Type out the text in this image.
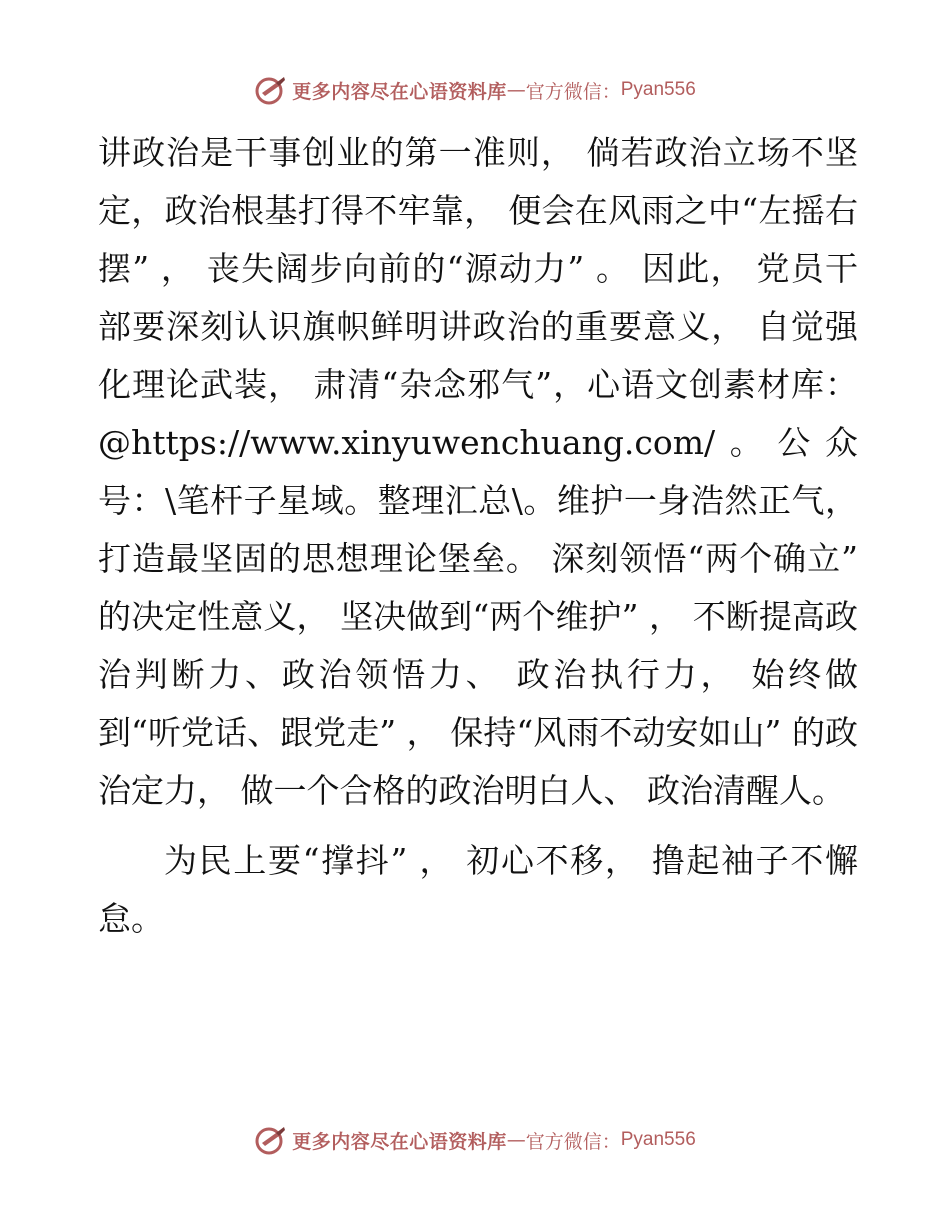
更多内容尽在心语资料库 — 官方微信： Pyan556

讲政治是干事创业的第一准则， 倘若政治立场不坚定，政治根基打得不牢靠， 便会在风雨之中“左摇右摆” ， 丧失阔步向前的“源动力” 。 因此， 党员干部要深刻认识旗帜鲜明讲政治的重要意义， 自觉强化理论武装， 肃清“杂念邪气”，心语文创素材库：@https://www.xinyuwenchuang.com/。公众号：\笔杆子星域。整理汇总\。维护一身浩然正气， 打造最坚固的思想理论堡垒。 深刻领悟“两个确立” 的决定性意义， 坚决做到“两个维护” ， 不断提高政治判断力、政治领悟力、 政治执行力， 始终做到“听党话、跟党走” ， 保持“风雨不动安如山” 的政治定力， 做一个合格的政治明白人、 政治清醒人。

为民上要“撑抖” ， 初心不移， 撸起袖子不懈怠。

更多内容尽在心语资料库 — 官方微信： Pyan556
